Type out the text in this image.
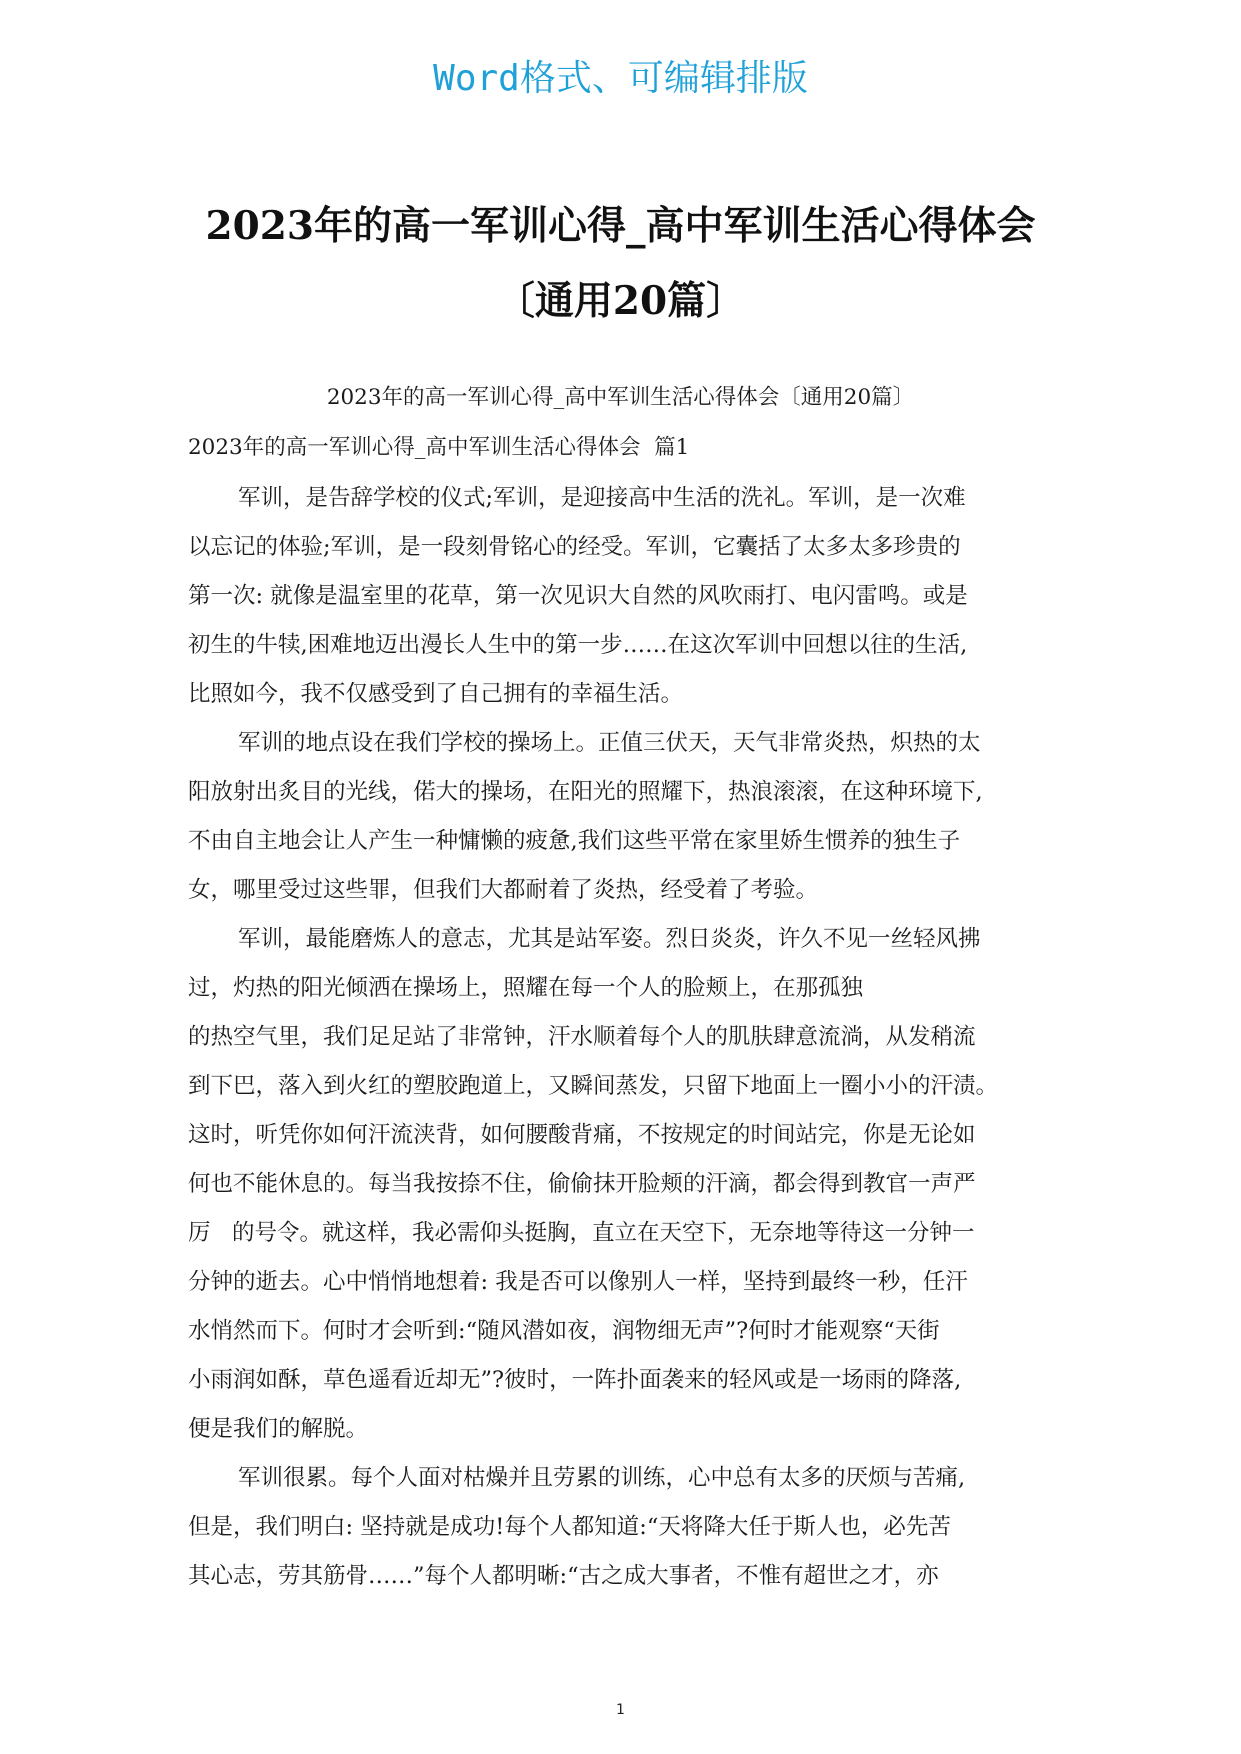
Word格式、可编辑排版
2023年的高一军训心得_高中军训生活心得体会
〔通用20篇〕
2023年的高一军训心得_高中军训生活心得体会〔通用20篇〕
2023年的高一军训心得_高中军训生活心得体会  篇1
军训，是告辞学校的仪式;军训，是迎接高中生活的洗礼。军训，是一次难
以忘记的体验;军训，是一段刻骨铭心的经受。军训，它囊括了太多太多珍贵的
第一次: 就像是温室里的花草，第一次见识大自然的风吹雨打、电闪雷鸣。或是
初生的牛犊,困难地迈出漫长人生中的第一步……在这次军训中回想以往的生活,
比照如今，我不仅感受到了自己拥有的幸福生活。
军训的地点设在我们学校的操场上。正值三伏天，天气非常炎热，炽热的太
阳放射出炙目的光线，偌大的操场，在阳光的照耀下，热浪滚滚，在这种环境下,
不由自主地会让人产生一种慵懒的疲惫,我们这些平常在家里娇生惯养的独生子
女，哪里受过这些罪，但我们大都耐着了炎热，经受着了考验。
军训，最能磨炼人的意志，尤其是站军姿。烈日炎炎，许久不见一丝轻风拂
过，灼热的阳光倾洒在操场上，照耀在每一个人的脸颊上，在那孤独
的热空气里，我们足足站了非常钟，汗水顺着每个人的肌肤肆意流淌，从发稍流
到下巴，落入到火红的塑胶跑道上，又瞬间蒸发，只留下地面上一圈小小的汗渍。
这时，听凭你如何汗流浃背，如何腰酸背痛，不按规定的时间站完，你是无论如
何也不能休息的。每当我按捺不住，偷偷抹开脸颊的汗滴，都会得到教官一声严
厉   的号令。就这样，我必需仰头挺胸，直立在天空下，无奈地等待这一分钟一
分钟的逝去。心中悄悄地想着: 我是否可以像别人一样，坚持到最终一秒，任汗
水悄然而下。何时才会听到:“随风潜如夜，润物细无声”?何时才能观察“天街
小雨润如酥，草色遥看近却无”?彼时，一阵扑面袭来的轻风或是一场雨的降落,
便是我们的解脱。
军训很累。每个人面对枯燥并且劳累的训练，心中总有太多的厌烦与苦痛,
但是，我们明白: 坚持就是成功!每个人都知道:“天将降大任于斯人也，必先苦
其心志，劳其筋骨……”每个人都明晰:“古之成大事者，不惟有超世之才，亦
1
